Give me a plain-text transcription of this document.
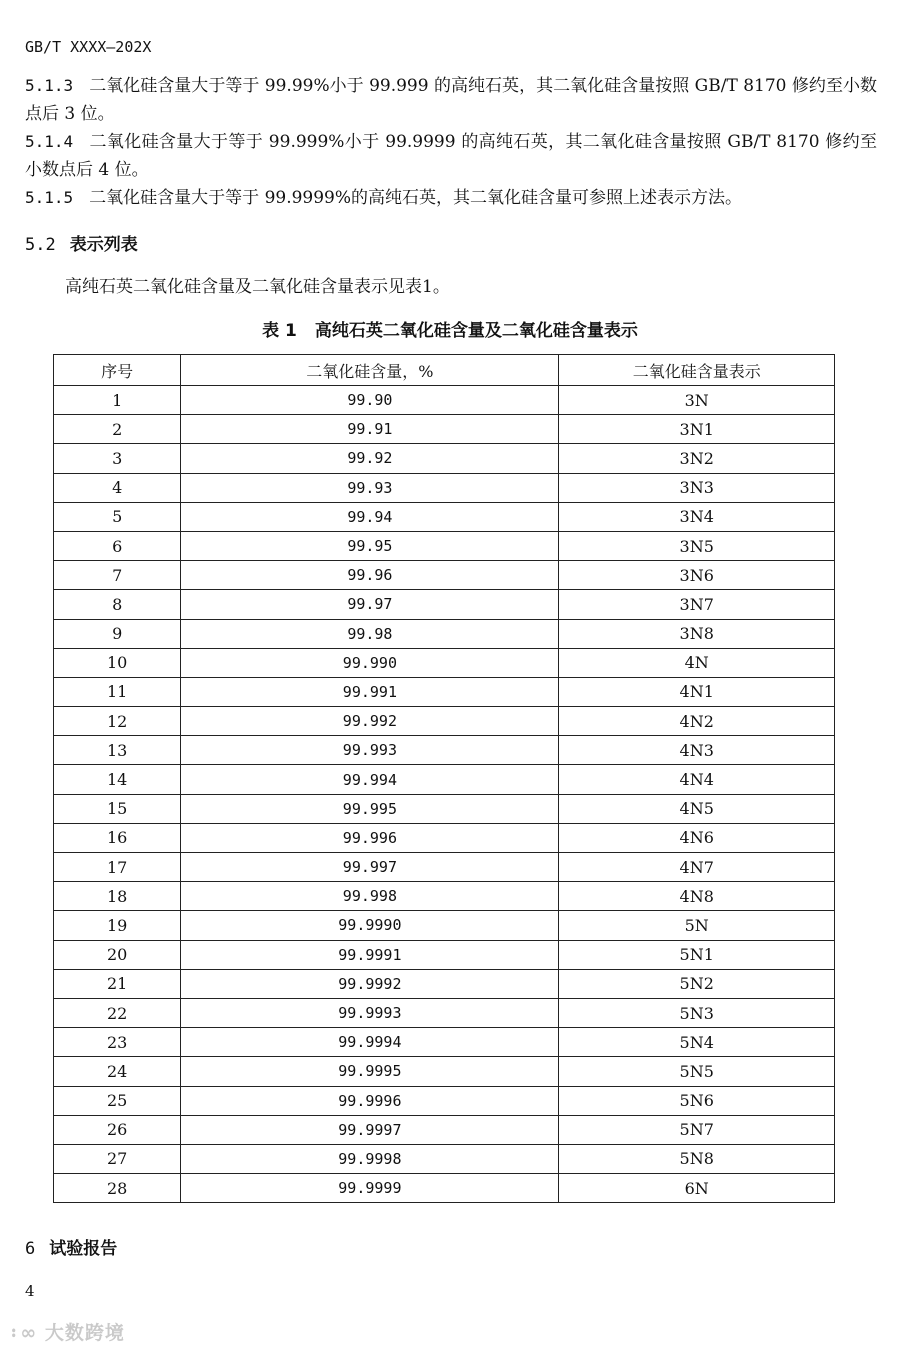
GB/T XXXX—202X
5.1.3 二氧化硅含量大于等于 99.99%小于 99.999 的高纯石英，其二氧化硅含量按照 GB/T 8170 修约至小数点后 3 位。
5.1.4 二氧化硅含量大于等于 99.999%小于 99.9999 的高纯石英，其二氧化硅含量按照 GB/T 8170 修约至小数点后 4 位。
5.1.5 二氧化硅含量大于等于 99.9999%的高纯石英，其二氧化硅含量可参照上述表示方法。
5.2 表示列表
高纯石英二氧化硅含量及二氧化硅含量表示见表1。
表 1 高纯石英二氧化硅含量及二氧化硅含量表示
序号	二氧化硅含量，%	二氧化硅含量表示
1	99.90	3N
2	99.91	3N1
3	99.92	3N2
4	99.93	3N3
5	99.94	3N4
6	99.95	3N5
7	99.96	3N6
8	99.97	3N7
9	99.98	3N8
10	99.990	4N
11	99.991	4N1
12	99.992	4N2
13	99.993	4N3
14	99.994	4N4
15	99.995	4N5
16	99.996	4N6
17	99.997	4N7
18	99.998	4N8
19	99.9990	5N
20	99.9991	5N1
21	99.9992	5N2
22	99.9993	5N3
23	99.9994	5N4
24	99.9995	5N5
25	99.9996	5N6
26	99.9997	5N7
27	99.9998	5N8
28	99.9999	6N
6 试验报告
4
᛬∞ 大数跨境
